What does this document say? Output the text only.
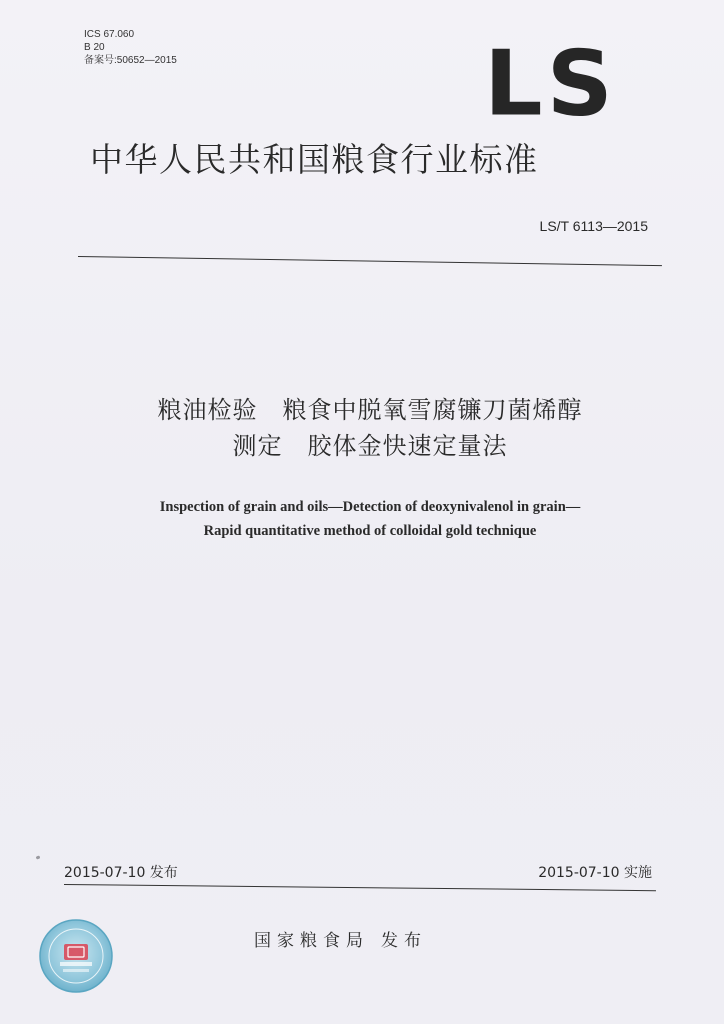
ICS 67.060
B 20
备案号:50652—2015	LS
中华人民共和国粮食行业标准
LS/T 6113—2015
粮油检验　粮食中脱氧雪腐镰刀菌烯醇
测定　胶体金快速定量法
Inspection of grain and oils—Detection of deoxynivalenol in grain—
Rapid quantitative method of colloidal gold technique
2015-07-10 发布	2015-07-10 实施
国家粮食局 发布
